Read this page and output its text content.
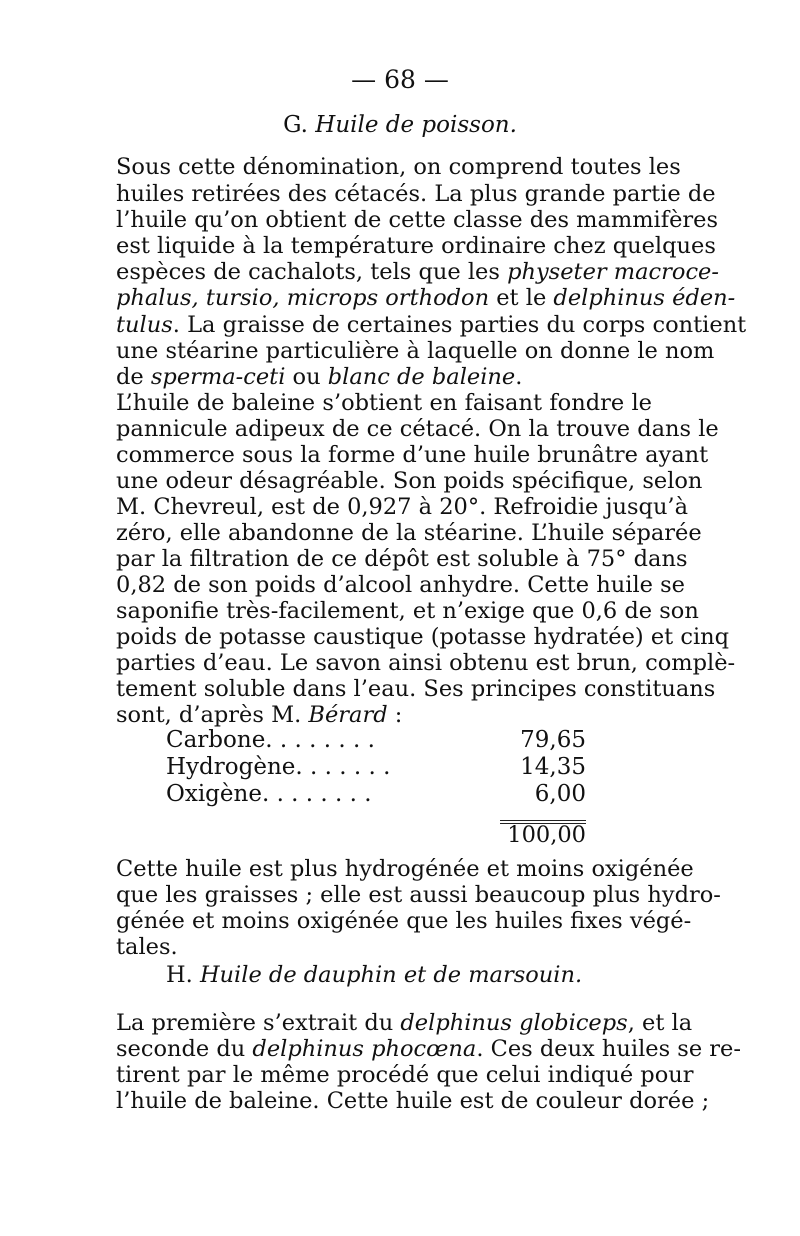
— 68 —
G. Huile de poisson.
Sous cette dénomination, on comprend toutes les
huiles retirées des cétacés. La plus grande partie de
l’huile qu’on obtient de cette classe des mammifères
est liquide à la température ordinaire chez quelques
espèces de cachalots, tels que les physeter macroce-
phalus, tursio, microps orthodon et le delphinus éden-
tulus. La graisse de certaines parties du corps contient
une stéarine particulière à laquelle on donne le nom
de sperma-ceti ou blanc de baleine.
L’huile de baleine s’obtient en faisant fondre le
pannicule adipeux de ce cétacé. On la trouve dans le
commerce sous la forme d’une huile brunâtre ayant
une odeur désagréable. Son poids spécifique, selon
M. Chevreul, est de 0,927 à 20°. Refroidie jusqu’à
zéro, elle abandonne de la stéarine. L’huile séparée
par la filtration de ce dépôt est soluble à 75° dans
0,82 de son poids d’alcool anhydre. Cette huile se
saponifie très-facilement, et n’exige que 0,6 de son
poids de potasse caustique (potasse hydratée) et cinq
parties d’eau. Le savon ainsi obtenu est brun, complè-
tement soluble dans l’eau. Ses principes constituans
sont, d’après M. Bérard :
Carbone. . . . . . . .	79,65
Hydrogène. . . . . . .	14,35
Oxigène. . . . . . . .	6,00
100,00
Cette huile est plus hydrogénée et moins oxigénée
que les graisses ; elle est aussi beaucoup plus hydro-
génée et moins oxigénée que les huiles fixes végé-
tales.
H. Huile de dauphin et de marsouin.
La première s’extrait du delphinus globiceps, et la
seconde du delphinus phocœna. Ces deux huiles se re-
tirent par le même procédé que celui indiqué pour
l’huile de baleine. Cette huile est de couleur dorée ;
